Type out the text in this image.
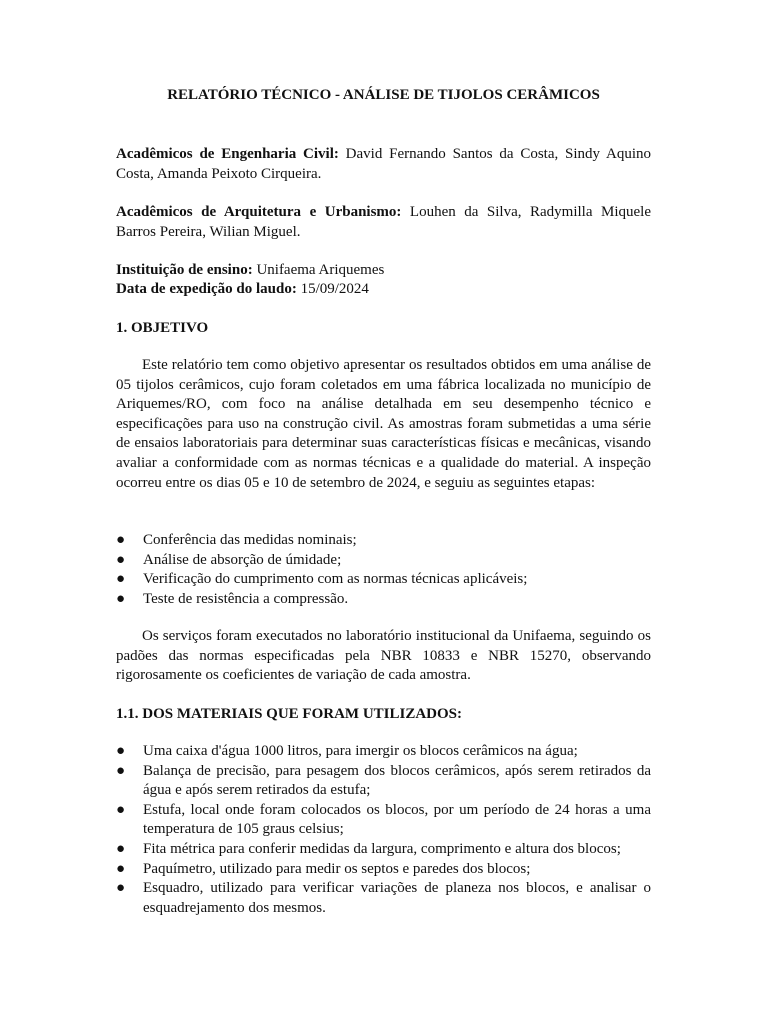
RELATÓRIO TÉCNICO - ANÁLISE DE TIJOLOS CERÂMICOS
Acadêmicos de Engenharia Civil: David Fernando Santos da Costa, Sindy Aquino Costa, Amanda Peixoto Cirqueira.
Acadêmicos de Arquitetura e Urbanismo: Louhen da Silva, Radymilla Miquele Barros Pereira, Wilian Miguel.
Instituição de ensino: Unifaema Ariquemes
Data de expedição do laudo: 15/09/2024
1. OBJETIVO
Este relatório tem como objetivo apresentar os resultados obtidos em uma análise de 05 tijolos cerâmicos, cujo foram coletados em uma fábrica localizada no município de Ariquemes/RO, com foco na análise detalhada em seu desempenho técnico e especificações para uso na construção civil. As amostras foram submetidas a uma série de ensaios laboratoriais para determinar suas características físicas e mecânicas, visando avaliar a conformidade com as normas técnicas e a qualidade do material. A inspeção ocorreu entre os dias 05 e 10 de setembro de 2024, e seguiu as seguintes etapas:
●	Conferência das medidas nominais;
●	Análise de absorção de úmidade;
●	Verificação do cumprimento com as normas técnicas aplicáveis;
●	Teste de resistência a compressão.
Os serviços foram executados no laboratório institucional da Unifaema, seguindo os padões das normas especificadas pela NBR 10833 e NBR 15270, observando rigorosamente os coeficientes de variação de cada amostra.
1.1. DOS MATERIAIS QUE FORAM UTILIZADOS:
●	Uma caixa d'água 1000 litros, para imergir os blocos cerâmicos na água;
●	Balança de precisão, para pesagem dos blocos cerâmicos, após serem retirados da água e após serem retirados da estufa;
●	Estufa, local onde foram colocados os blocos, por um período de 24 horas a uma temperatura de 105 graus celsius;
●	Fita métrica para conferir medidas da largura, comprimento e altura dos blocos;
●	Paquímetro, utilizado para medir os septos e paredes dos blocos;
●	Esquadro, utilizado para verificar variações de planeza nos blocos, e analisar o esquadrejamento dos mesmos.
